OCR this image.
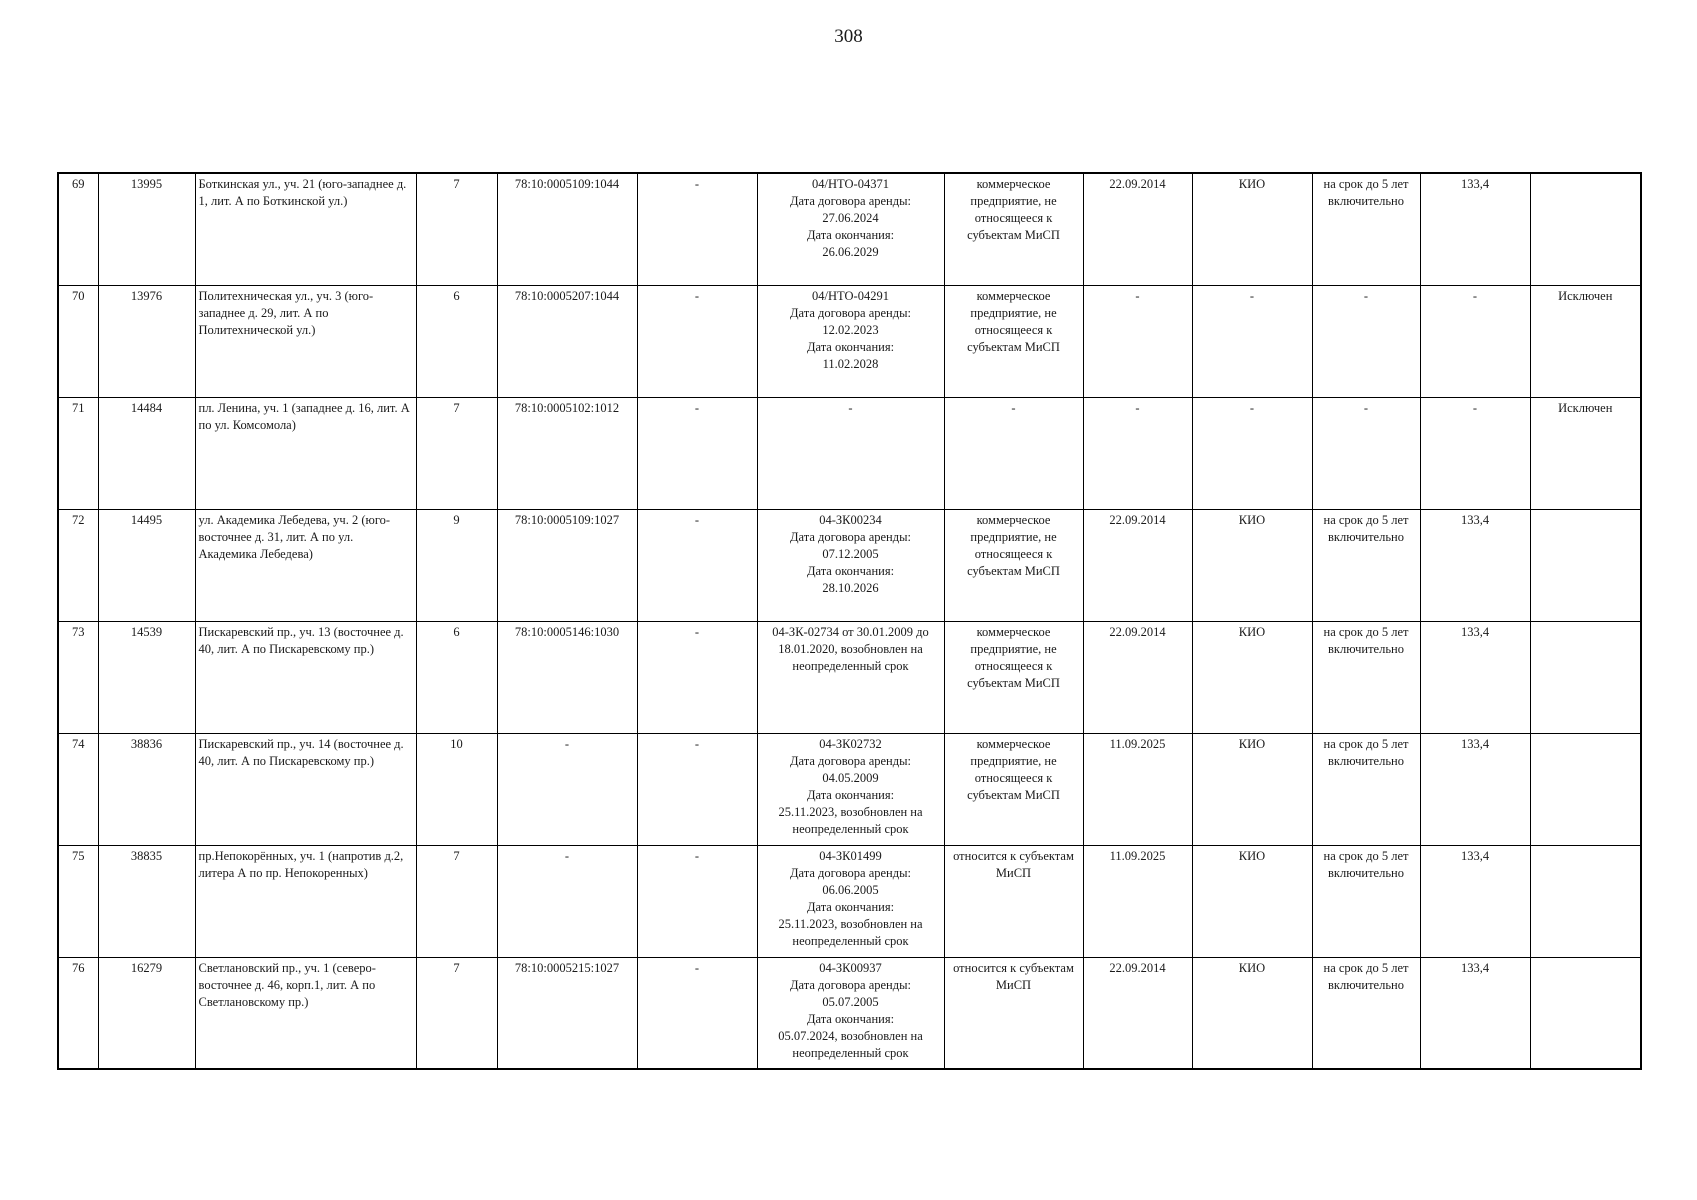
308
69	13995	Боткинская ул., уч. 21 (юго-западнее д. 1, лит. А по Боткинской ул.)	7	78:10:0005109:1044	-	04/НТО-04371
Дата договора аренды:
27.06.2024
Дата окончания:
26.06.2029	коммерческое предприятие, не относящееся к субъектам МиСП	22.09.2014	КИО	на срок до 5 лет включительно	133,4	
70	13976	Политехническая ул., уч. 3 (юго-западнее д. 29, лит. А по Политехнической ул.)	6	78:10:0005207:1044	-	04/НТО-04291
Дата договора аренды:
12.02.2023
Дата окончания:
11.02.2028	коммерческое предприятие, не относящееся к субъектам МиСП	-	-	-	-	Исключен
71	14484	пл. Ленина, уч. 1 (западнее д. 16, лит. А по ул. Комсомола)	7	78:10:0005102:1012	-	-	-	-	-	-	-	Исключен
72	14495	ул. Академика Лебедева, уч. 2 (юго-восточнее д. 31, лит. А по ул. Академика Лебедева)	9	78:10:0005109:1027	-	04-ЗК00234
Дата договора аренды:
07.12.2005
Дата окончания:
28.10.2026	коммерческое предприятие, не относящееся к субъектам МиСП	22.09.2014	КИО	на срок до 5 лет включительно	133,4	
73	14539	Пискаревский пр., уч. 13 (восточнее д. 40, лит. А по Пискаревскому пр.)	6	78:10:0005146:1030	-	04-ЗК-02734 от 30.01.2009 до 18.01.2020, возобновлен на неопределенный срок	коммерческое предприятие, не относящееся к субъектам МиСП	22.09.2014	КИО	на срок до 5 лет включительно	133,4	
74	38836	Пискаревский пр., уч. 14 (восточнее д. 40, лит. А по Пискаревскому пр.)	10	-	-	04-ЗК02732
Дата договора аренды:
04.05.2009
Дата окончания:
25.11.2023, возобновлен на неопределенный срок	коммерческое предприятие, не относящееся к субъектам МиСП	11.09.2025	КИО	на срок до 5 лет включительно	133,4	
75	38835	пр.Непокорённых, уч. 1 (напротив д.2, литера А по пр. Непокоренных)	7	-	-	04-ЗК01499
Дата договора аренды:
06.06.2005
Дата окончания:
25.11.2023, возобновлен на неопределенный срок	относится к субъектам МиСП	11.09.2025	КИО	на срок до 5 лет включительно	133,4	
76	16279	Светлановский пр., уч. 1 (северо-восточнее д. 46, корп.1, лит. А по Светлановскому пр.)	7	78:10:0005215:1027	-	04-ЗК00937
Дата договора аренды:
05.07.2005
Дата окончания:
05.07.2024, возобновлен на неопределенный срок	относится к субъектам МиСП	22.09.2014	КИО	на срок до 5 лет включительно	133,4	
